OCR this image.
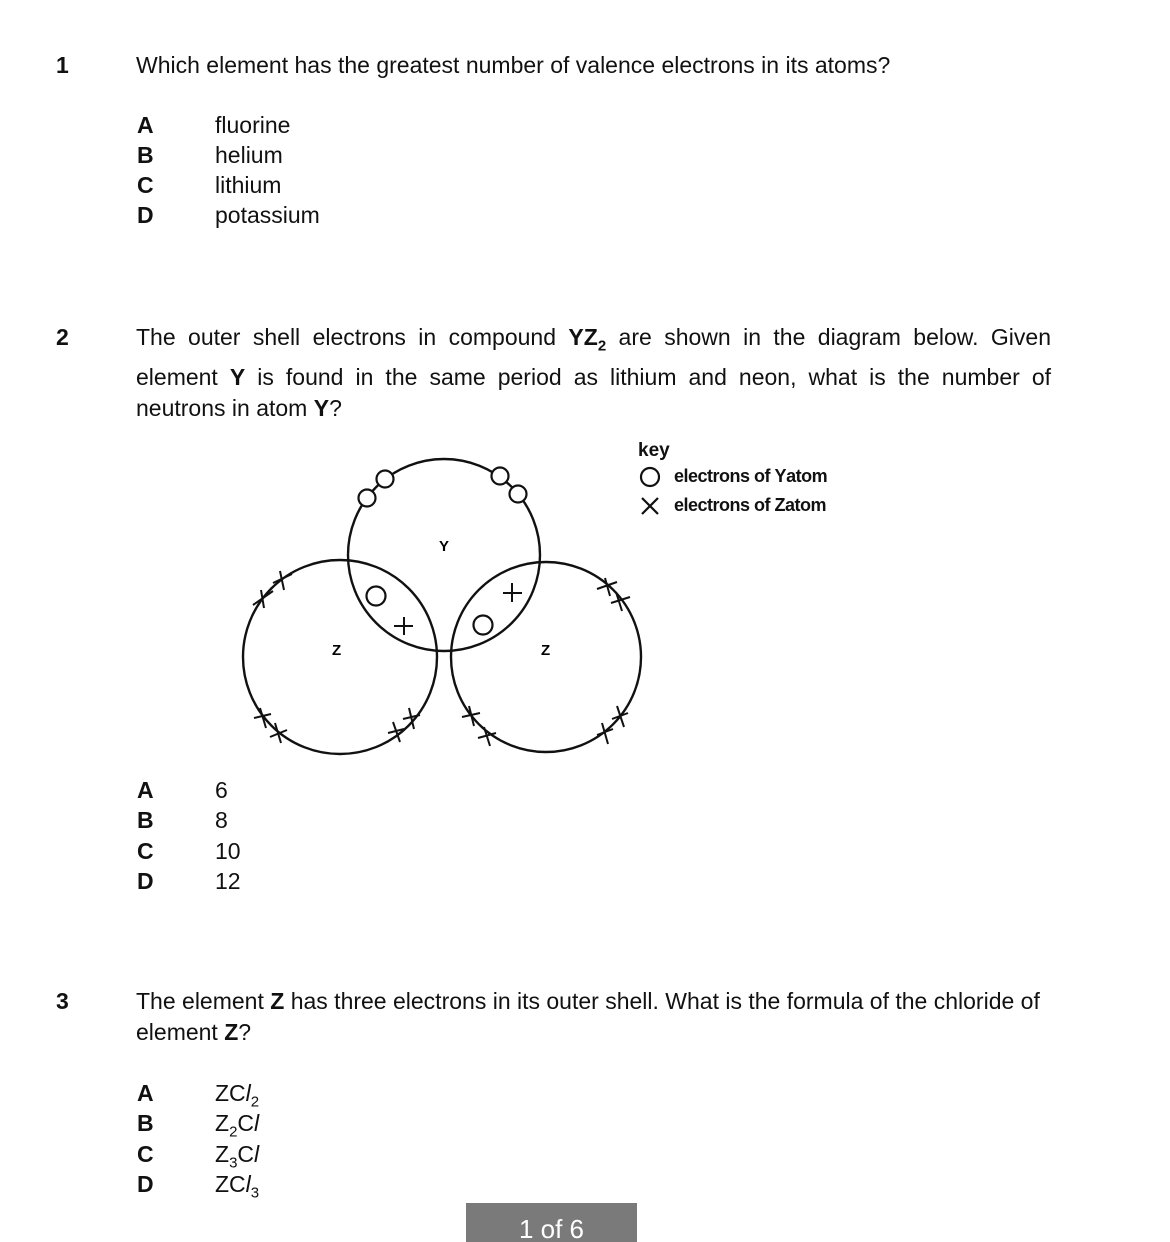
1	Which element has the greatest number of valence electrons in its atoms?
A	fluorine
B	helium
C	lithium
D	potassium
2	The outer shell electrons in compound $YZ_2$ are shown in the diagram below. Given element Y is found in the same period as lithium and neon, what is the number of neutrons in atom Y?
Y
Z	Z
key
electrons of
Y atom
electrons of
Z atom
A	6
B	8
C	10
D	12
3	The element Z has three electrons in its outer shell. What is the formula of the chloride of element Z?
A	ZCl$_2$
B	$Z_2Cl$
C	$Z_3Cl$
D	ZCl$_3$
1 of 6
